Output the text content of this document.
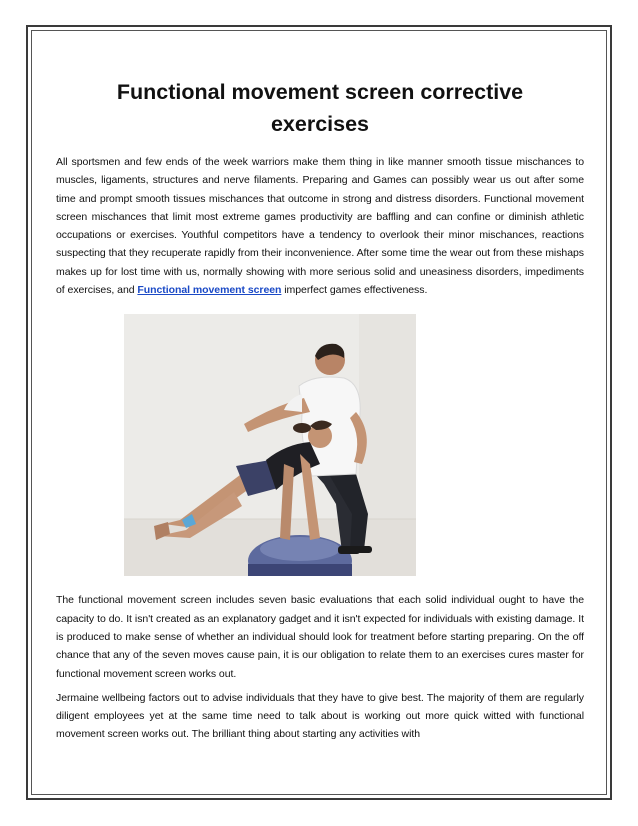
Functional movement screen corrective exercises

All sportsmen and few ends of the week warriors make them thing in like manner smooth tissue mischances to muscles, ligaments, structures and nerve filaments. Preparing and Games can possibly wear us out after some time and prompt smooth tissues mischances that outcome in strong and distress disorders. Functional movement screen mischances that limit most extreme games productivity are baffling and can confine or diminish athletic occupations or exercises. Youthful competitors have a tendency to overlook their minor mischances, reactions suspecting that they recuperate rapidly from their inconvenience. After some time the wear out from these mishaps makes up for lost time with us, normally showing with more serious solid and uneasiness disorders, impediments of exercises, and Functional movement screen imperfect games effectiveness.

The functional movement screen includes seven basic evaluations that each solid individual ought to have the capacity to do. It isn't created as an explanatory gadget and it isn't expected for individuals with existing damage. It is produced to make sense of whether an individual should look for treatment before starting preparing. On the off chance that any of the seven moves cause pain, it is our obligation to relate them to an exercises cures master for functional movement screen works out.

Jermaine wellbeing factors out to advise individuals that they have to give best. The majority of them are regularly diligent employees yet at the same time need to talk about is working out more quick witted with functional movement screen works out. The brilliant thing about starting any activities with
